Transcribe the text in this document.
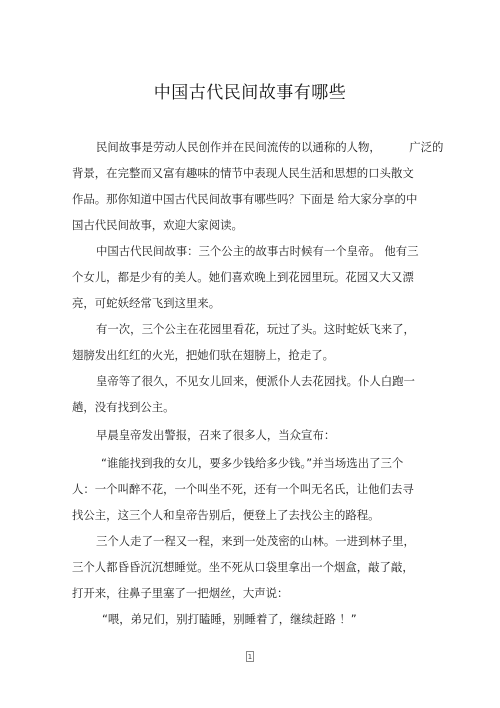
中国古代民间故事有哪些
民间故事是劳动人民创作并在民间流传的以通称的人物，　　　广泛的
背景，在完整而又富有趣味的情节中表现人民生活和思想的口头散文
作品。那你知道中国古代民间故事有哪些吗？下面是 给大家分享的中
国古代民间故事，欢迎大家阅读。
中国古代民间故事：三个公主的故事古时候有一个皇帝。 他有三
个女儿，都是少有的美人。她们喜欢晚上到花园里玩。花园又大又漂
亮，可蛇妖经常飞到这里来。
有一次，三个公主在花园里看花，玩过了头。这时蛇妖飞来了，
翅膀发出红红的火光，把她们驮在翅膀上，抢走了。
皇帝等了很久，不见女儿回来，便派仆人去花园找。仆人白跑一
趟，没有找到公主。
早晨皇帝发出警报，召来了很多人，当众宣布：
“谁能找到我的女儿，要多少钱给多少钱。”并当场选出了三个
人：一个叫醉不花，一个叫坐不死，还有一个叫无名氏，让他们去寻
找公主，这三个人和皇帝告别后，便登上了去找公主的路程。
三个人走了一程又一程，来到一处茂密的山林。一进到林子里，
三个人都昏昏沉沉想睡觉。坐不死从口袋里拿出一个烟盒，敲了敲，
打开来，往鼻子里塞了一把烟丝，大声说：
“喂，弟兄们，别打瞌睡，别睡着了，继续赶路 ！”
1
